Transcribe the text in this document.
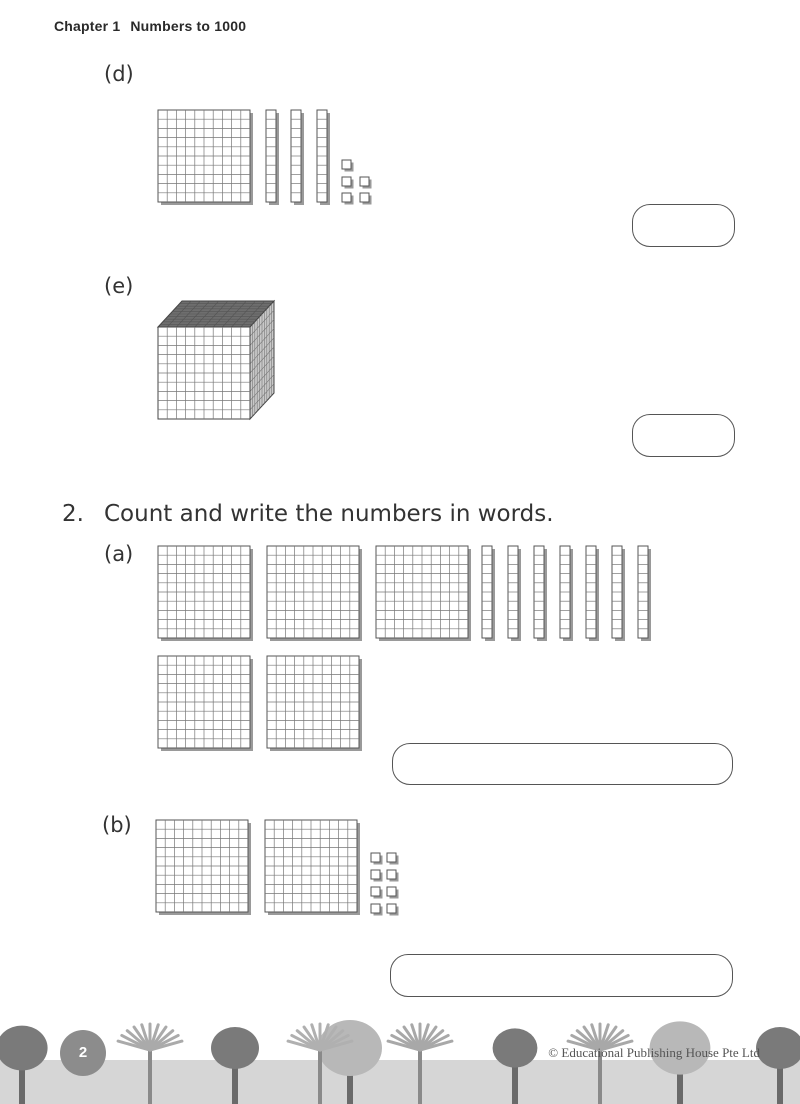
Chapter 1 Numbers to 1000
(d)
(e)
2. Count and write the numbers in words.
(a)
(b)
2	© Educational Publishing House Pte Ltd
